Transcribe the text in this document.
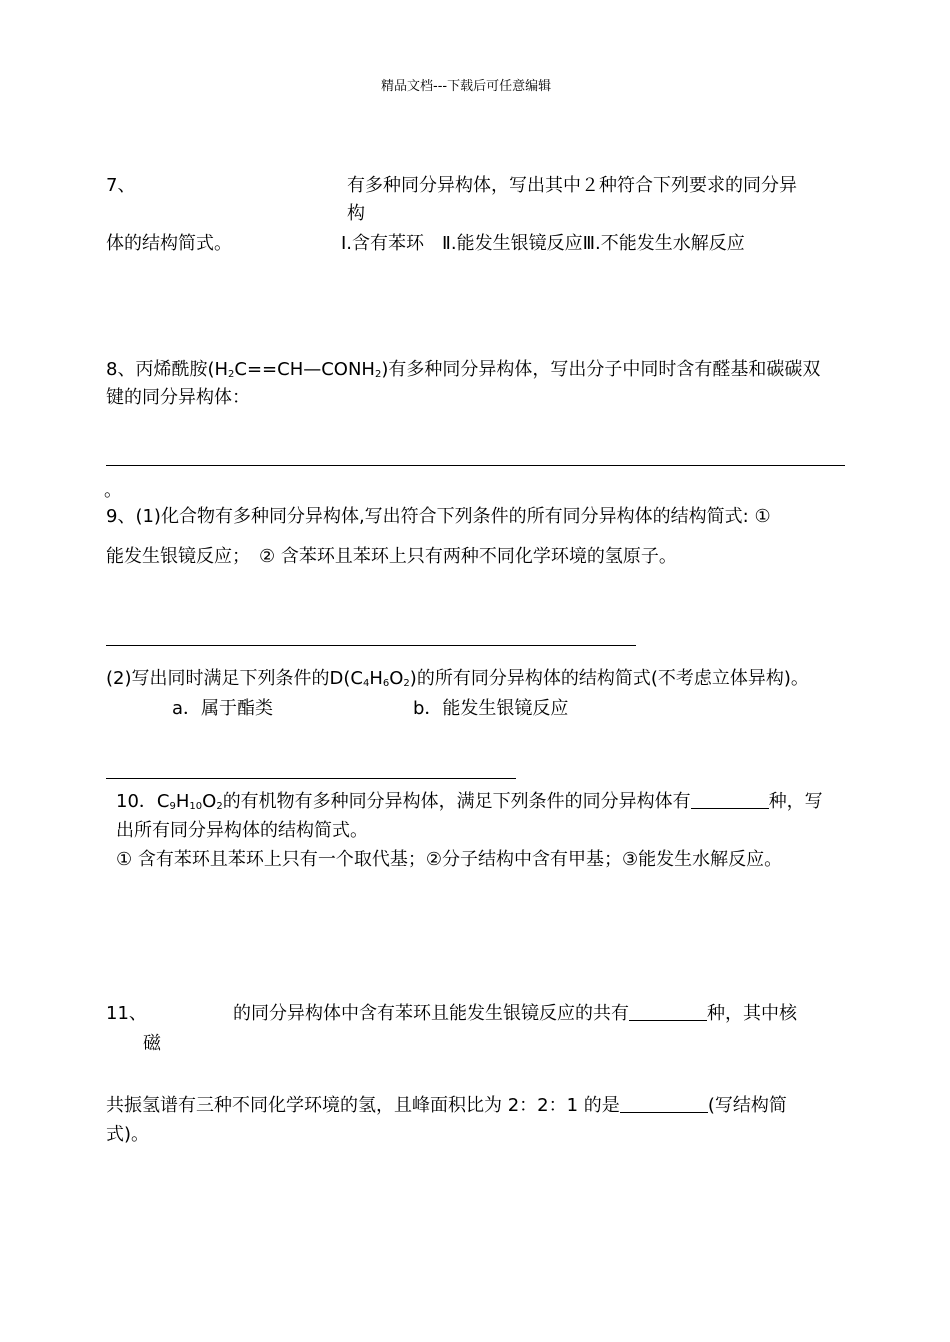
精品文档---下载后可任意编辑
7、	有多种同分异构体，写出其中２种符合下列要求的同分异
构
体的结构简式。	Ⅰ.含有苯环　Ⅱ.能发生银镜反应Ⅲ.不能发生水解反应
8、丙烯酰胺$(H_2C==CH—CONH_2)$有多种同分异构体，写出分子中同时含有醛基和碳碳双
键的同分异构体：
。
9、(1)化合物有多种同分异构体,写出符合下列条件的所有同分异构体的结构简式: ①
能发生银镜反应；　② 含苯环且苯环上只有两种不同化学环境的氢原子。
(2)写出同时满足下列条件的$D(C_4H_6O_2)$的所有同分异构体的结构简式(不考虑立体异构)。
a．属于酯类	b．能发生银镜反应
10．$C_9H_{10}O_2$的有机物有多种同分异构体，满足下列条件的同分异构体有	种，写
出所有同分异构体的结构简式。
① 含有苯环且苯环上只有一个取代基；②分子结构中含有甲基；③能发生水解反应。
11、	的同分异构体中含有苯环且能发生银镜反应的共有	种，其中核
磁
共振氢谱有三种不同化学环境的氢，且峰面积比为 2：2：1 的是	(写结构简
式)。
